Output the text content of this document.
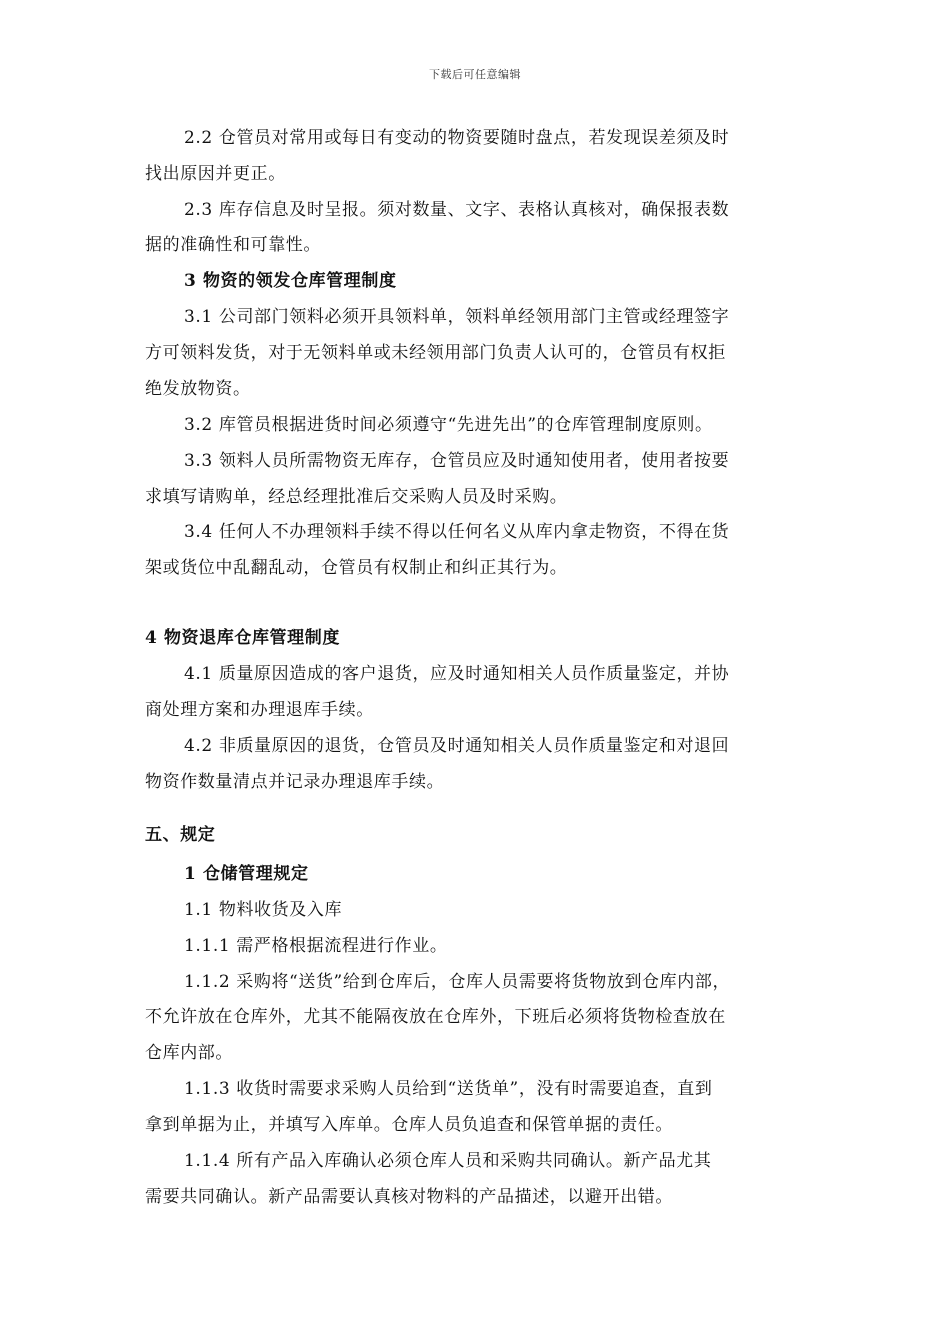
下载后可任意编辑
2.2 仓管员对常用或每日有变动的物资要随时盘点，若发现误差须及时
找出原因并更正。
2.3 库存信息及时呈报。须对数量、文字、表格认真核对，确保报表数
据的准确性和可靠性。
3 物资的领发仓库管理制度
3.1 公司部门领料必须开具领料单，领料单经领用部门主管或经理签字
方可领料发货，对于无领料单或未经领用部门负责人认可的，仓管员有权拒
绝发放物资。
3.2 库管员根据进货时间必须遵守“先进先出”的仓库管理制度原则。
3.3 领料人员所需物资无库存，仓管员应及时通知使用者，使用者按要
求填写请购单，经总经理批准后交采购人员及时采购。
3.4 任何人不办理领料手续不得以任何名义从库内拿走物资，不得在货
架或货位中乱翻乱动，仓管员有权制止和纠正其行为。
4 物资退库仓库管理制度
4.1 质量原因造成的客户退货，应及时通知相关人员作质量鉴定，并协
商处理方案和办理退库手续。
4.2 非质量原因的退货，仓管员及时通知相关人员作质量鉴定和对退回
物资作数量清点并记录办理退库手续。
五、规定
1 仓储管理规定
1.1 物料收货及入库
1.1.1 需严格根据流程进行作业。
1.1.2 采购将“送货”给到仓库后，仓库人员需要将货物放到仓库内部，
不允许放在仓库外，尤其不能隔夜放在仓库外，下班后必须将货物检查放在
仓库内部。
1.1.3 收货时需要求采购人员给到“送货单”，没有时需要追查，直到
拿到单据为止，并填写入库单。仓库人员负追查和保管单据的责任。
1.1.4 所有产品入库确认必须仓库人员和采购共同确认。新产品尤其
需要共同确认。新产品需要认真核对物料的产品描述，以避开出错。
